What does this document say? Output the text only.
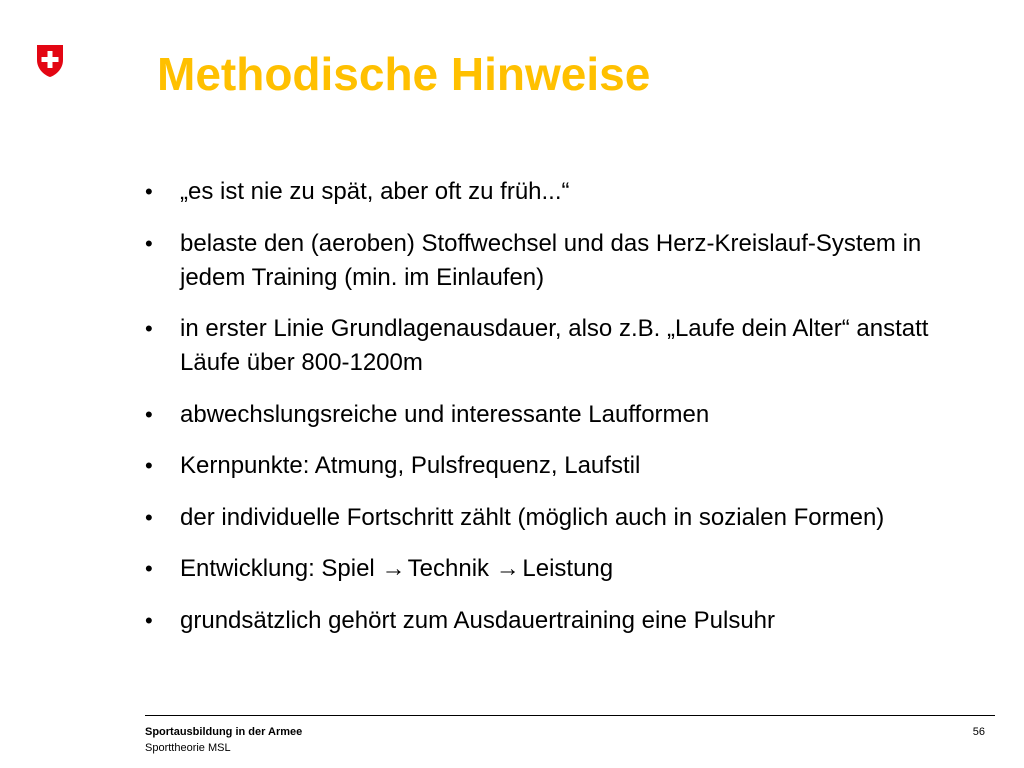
Methodische Hinweise
• „es ist nie zu spät, aber oft zu früh...“
• belaste den (aeroben) Stoffwechsel und das Herz-Kreislauf-System in jedem Training (min. im Einlaufen)
• in erster Linie Grundlagenausdauer, also z.B. „Laufe dein Alter“ anstatt Läufe über 800-1200m
• abwechslungsreiche und interessante Laufformen
• Kernpunkte: Atmung, Pulsfrequenz, Laufstil
• der individuelle Fortschritt zählt (möglich auch in sozialen Formen)
• Entwicklung: Spiel → Technik → Leistung
• grundsätzlich gehört zum Ausdauertraining eine Pulsuhr
Sportausbildung in der Armee
Sporttheorie MSL
56
